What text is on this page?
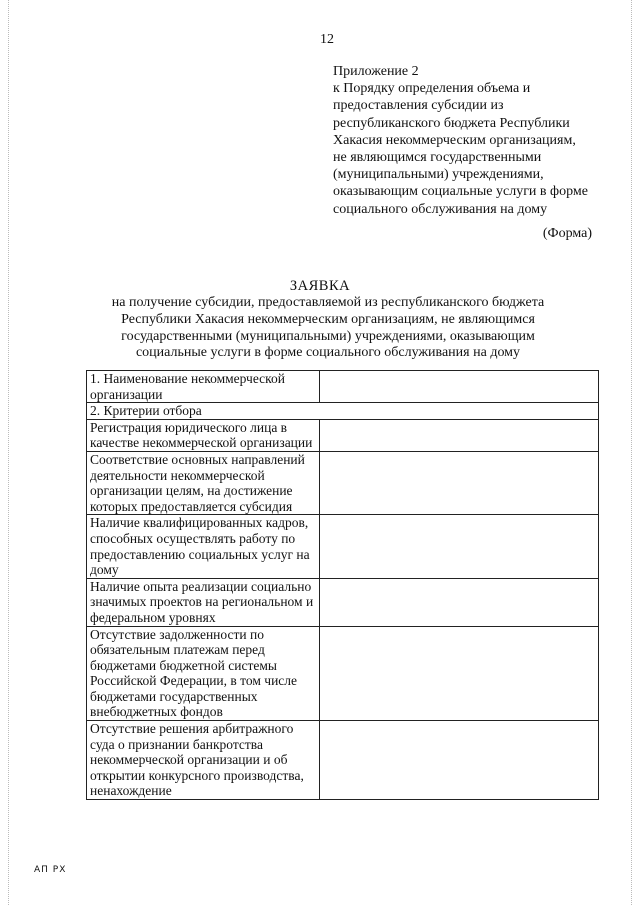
12
Приложение 2
к Порядку определения объема и
предоставления субсидии из
республиканского бюджета Республики
Хакасия некоммерческим организациям,
не являющимся государственными
(муниципальными) учреждениями,
оказывающим социальные услуги в форме
социального обслуживания на дому
(Форма)
ЗАЯВКА
на получение субсидии, предоставляемой из республиканского бюджета
Республики Хакасия некоммерческим организациям, не являющимся
государственными (муниципальными) учреждениями, оказывающим
социальные услуги в форме социального обслуживания на дому
1. Наименование некоммерческой организации	
2. Критерии отбора	
Регистрация юридического лица в качестве некоммерческой организации	
Соответствие основных направлений деятельности некоммерческой организации целям, на достижение которых предоставляется субсидия	
Наличие квалифицированных кадров, способных осуществлять работу по предоставлению социальных услуг на дому	
Наличие опыта реализации социально значимых проектов на региональном и федеральном уровнях	
Отсутствие задолженности по обязательным платежам перед бюджетами бюджетной системы Российской Федерации, в том числе бюджетами государственных внебюджетных фондов	
Отсутствие решения арбитражного суда о признании банкротства некоммерческой организации и об открытии конкурсного производства, ненахождение	
АП РХ
